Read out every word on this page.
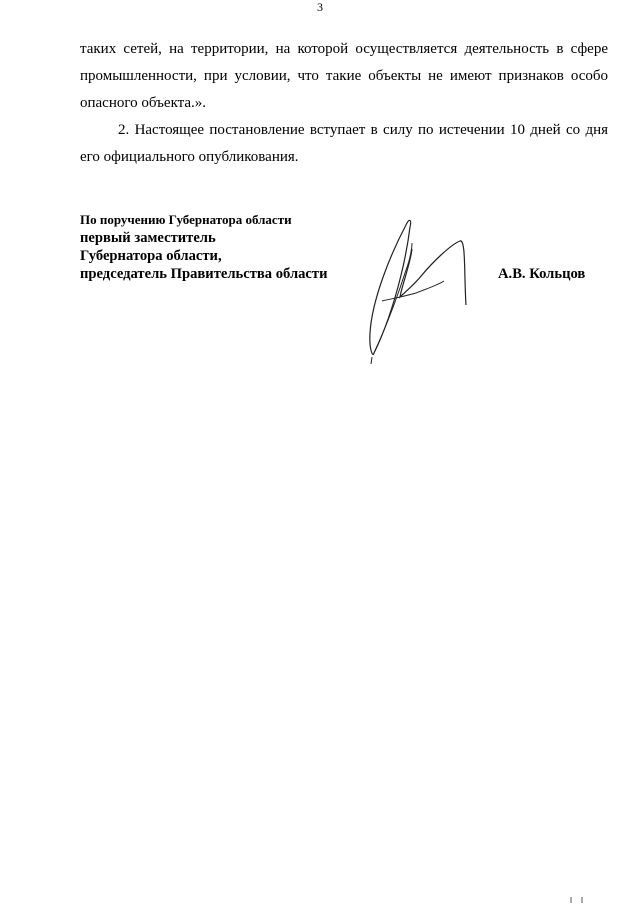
3
таких сетей, на территории, на которой осуществляется деятельность в сфере
промышленности, при условии, что такие объекты не имеют признаков особо
опасного объекта.».
2. Настоящее постановление вступает в силу по истечении 10 дней со дня
его официального опубликования.
По поручению Губернатора области
первый заместитель
Губернатора области,
председатель Правительства области	А.В. Кольцов
